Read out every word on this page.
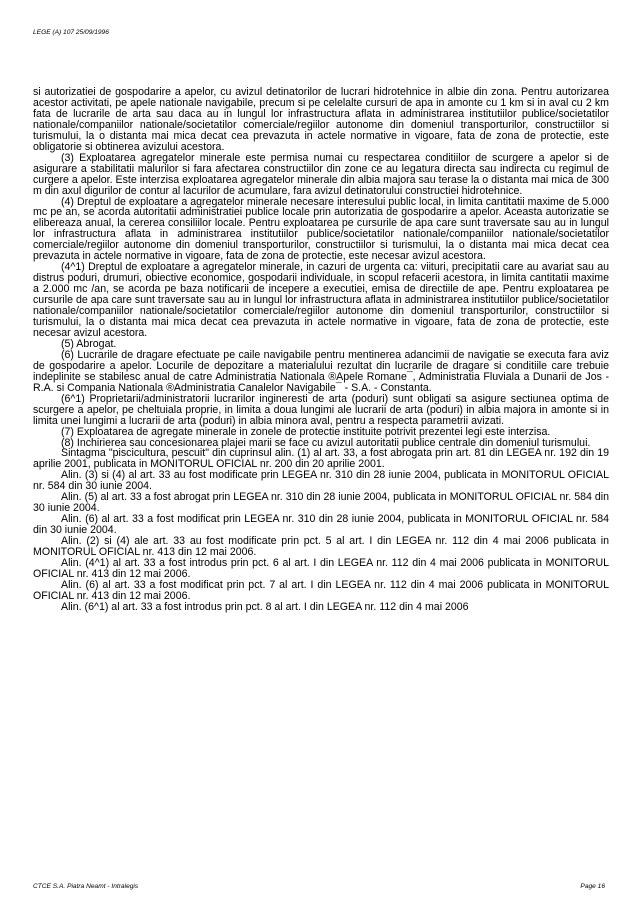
LEGE (A) 107 25/09/1996

si autorizatiei de gospodarire a apelor, cu avizul detinatorilor de lucrari hidrotehnice in albie din zona. Pentru autorizarea acestor activitati, pe apele nationale navigabile, precum si pe celelalte cursuri de apa in amonte cu 1 km si in aval cu 2 km fata de lucrarile de arta sau daca au in lungul lor infrastructura aflata in administrarea institutiilor publice/societatilor nationale/companiilor nationale/societatilor comerciale/regiilor autonome din domeniul transporturilor, constructiilor si turismului, la o distanta mai mica decat cea prevazuta in actele normative in vigoare, fata de zona de protectie, este obligatorie si obtinerea avizului acestora.

(3) Exploatarea agregatelor minerale este permisa numai cu respectarea conditiilor de scurgere a apelor si de asigurare a stabilitatii malurilor si fara afectarea constructiilor din zone ce au legatura directa sau indirecta cu regimul de curgere a apelor. Este interzisa exploatarea agregatelor minerale din albia majora sau terase la o distanta mai mica de 300 m din axul digurilor de contur al lacurilor de acumulare, fara avizul detinatorului constructiei hidrotehnice.

(4) Dreptul de exploatare a agregatelor minerale necesare interesului public local, in limita cantitatii maxime de 5.000 mc pe an, se acorda autoritatii administratiei publice locale prin autorizatia de gospodarire a apelor. Aceasta autorizatie se elibereaza anual, la cererea consiliilor locale. Pentru exploatarea pe cursurile de apa care sunt traversate sau au in lungul lor infrastructura aflata in administrarea institutiilor publice/societatilor nationale/companiilor nationale/societatilor comerciale/regiilor autonome din domeniul transporturilor, constructiilor si turismului, la o distanta mai mica decat cea prevazuta in actele normative in vigoare, fata de zona de protectie, este necesar avizul acestora.

(4^1) Dreptul de exploatare a agregatelor minerale, in cazuri de urgenta ca: viituri, precipitatii care au avariat sau au distrus poduri, drumuri, obiective economice, gospodarii individuale, in scopul refacerii acestora, in limita cantitatii maxime a 2.000 mc /an, se acorda pe baza notificarii de incepere a executiei, emisa de directiile de ape. Pentru exploatarea pe cursurile de apa care sunt traversate sau au in lungul lor infrastructura aflata in administrarea institutiilor publice/societatilor nationale/companiilor nationale/societatilor comerciale/regiilor autonome din domeniul transporturilor, constructiilor si turismului, la o distanta mai mica decat cea prevazuta in actele normative in vigoare, fata de zona de protectie, este necesar avizul acestora.

(5) Abrogat.

(6) Lucrarile de dragare efectuate pe caile navigabile pentru mentinerea adancimii de navigatie se executa fara aviz de gospodarire a apelor. Locurile de depozitare a materialului rezultat din lucrarile de dragare si conditiile care trebuie indeplinite se stabilesc anual de catre Administratia Nationala ®Apele Romane¯, Administratia Fluviala a Dunarii de Jos - R.A. si Compania Nationala ®Administratia Canalelor Navigabile¯ - S.A. - Constanta.

(6^1) Proprietarii/administratorii lucrarilor ingineresti de arta (poduri) sunt obligati sa asigure sectiunea optima de scurgere a apelor, pe cheltuiala proprie, in limita a doua lungimi ale lucrarii de arta (poduri) in albia majora in amonte si in limita unei lungimi a lucrarii de arta (poduri) in albia minora aval, pentru a respecta parametrii avizati.

(7) Exploatarea de agregate minerale in zonele de protectie instituite potrivit prezentei legi este interzisa.

(8) Inchirierea sau concesionarea plajei marii se face cu avizul autoritatii publice centrale din domeniul turismului.

Sintagma "piscicultura, pescuit" din cuprinsul alin. (1) al art. 33, a fost abrogata prin art. 81 din LEGEA nr. 192 din 19 aprilie 2001, publicata in MONITORUL OFICIAL nr. 200 din 20 aprilie 2001.

Alin. (3) si (4) al art. 33 au fost modificate prin LEGEA nr. 310 din 28 iunie 2004, publicata in MONITORUL OFICIAL nr. 584 din 30 iunie 2004.

Alin. (5) al art. 33 a fost abrogat prin LEGEA nr. 310 din 28 iunie 2004, publicata in MONITORUL OFICIAL nr. 584 din 30 iunie 2004.

Alin. (6) al art. 33 a fost modificat prin LEGEA nr. 310 din 28 iunie 2004, publicata in MONITORUL OFICIAL nr. 584 din 30 iunie 2004.

Alin. (2) si (4) ale art. 33 au fost modificate prin pct. 5 al art. I din LEGEA nr. 112 din 4 mai 2006 publicata in MONITORUL OFICIAL nr. 413 din 12 mai 2006.

Alin. (4^1) al art. 33 a fost introdus prin pct. 6 al art. I din LEGEA nr. 112 din 4 mai 2006 publicata in MONITORUL OFICIAL nr. 413 din 12 mai 2006.

Alin. (6) al art. 33 a fost modificat prin pct. 7 al art. I din LEGEA nr. 112 din 4 mai 2006 publicata in MONITORUL OFICIAL nr. 413 din 12 mai 2006.

Alin. (6^1) al art. 33 a fost introdus prin pct. 8 al art. I din LEGEA nr. 112 din 4 mai 2006

CTCE S.A. Piatra Neamt - Intralegis	Page 16
